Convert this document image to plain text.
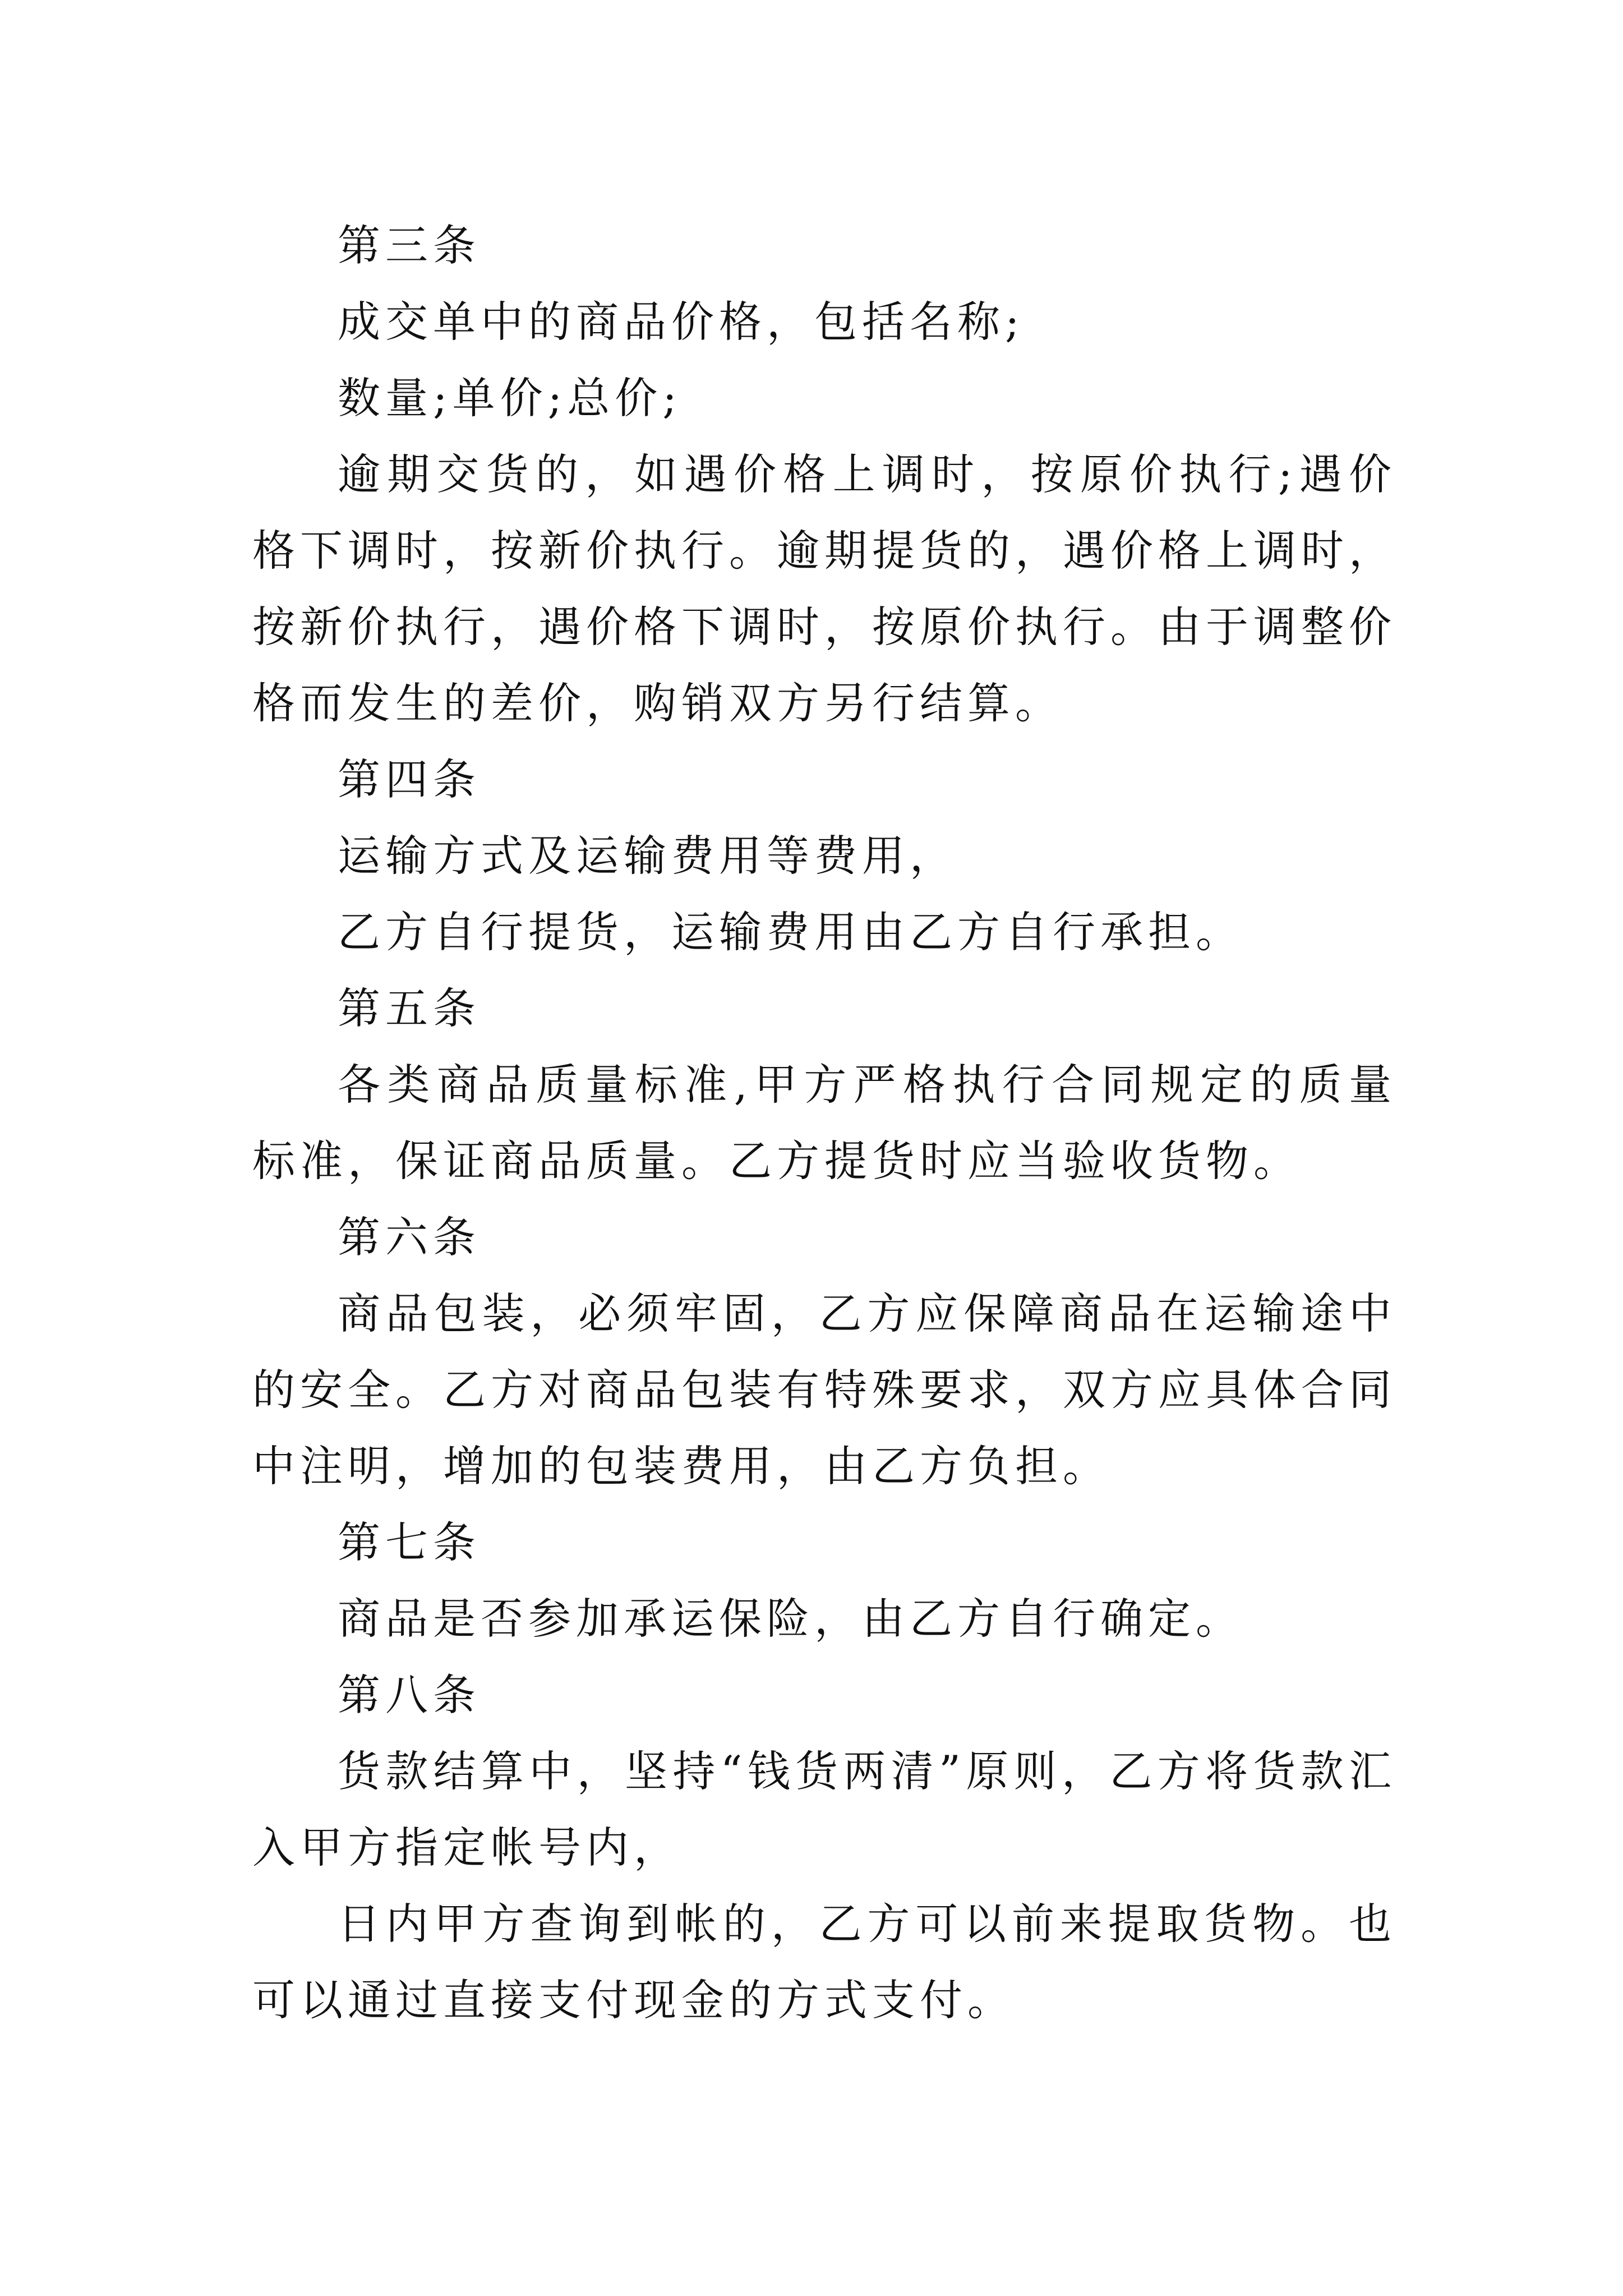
第三条

成交单中的商品价格，包括名称;

数量;单价;总价;

逾期交货的，如遇价格上调时，按原价执行;遇价格下调时，按新价执行。逾期提货的，遇价格上调时，按新价执行，遇价格下调时，按原价执行。由于调整价格而发生的差价，购销双方另行结算。

第四条

运输方式及运输费用等费用，

乙方自行提货，运输费用由乙方自行承担。

第五条

各类商品质量标准,甲方严格执行合同规定的质量标准，保证商品质量。乙方提货时应当验收货物。

第六条

商品包装，必须牢固，乙方应保障商品在运输途中的安全。乙方对商品包装有特殊要求，双方应具体合同中注明，增加的包装费用，由乙方负担。

第七条

商品是否参加承运保险，由乙方自行确定。

第八条

货款结算中，坚持“钱货两清”原则，乙方将货款汇入甲方指定帐号内，

日内甲方查询到帐的，乙方可以前来提取货物。也可以通过直接支付现金的方式支付。
